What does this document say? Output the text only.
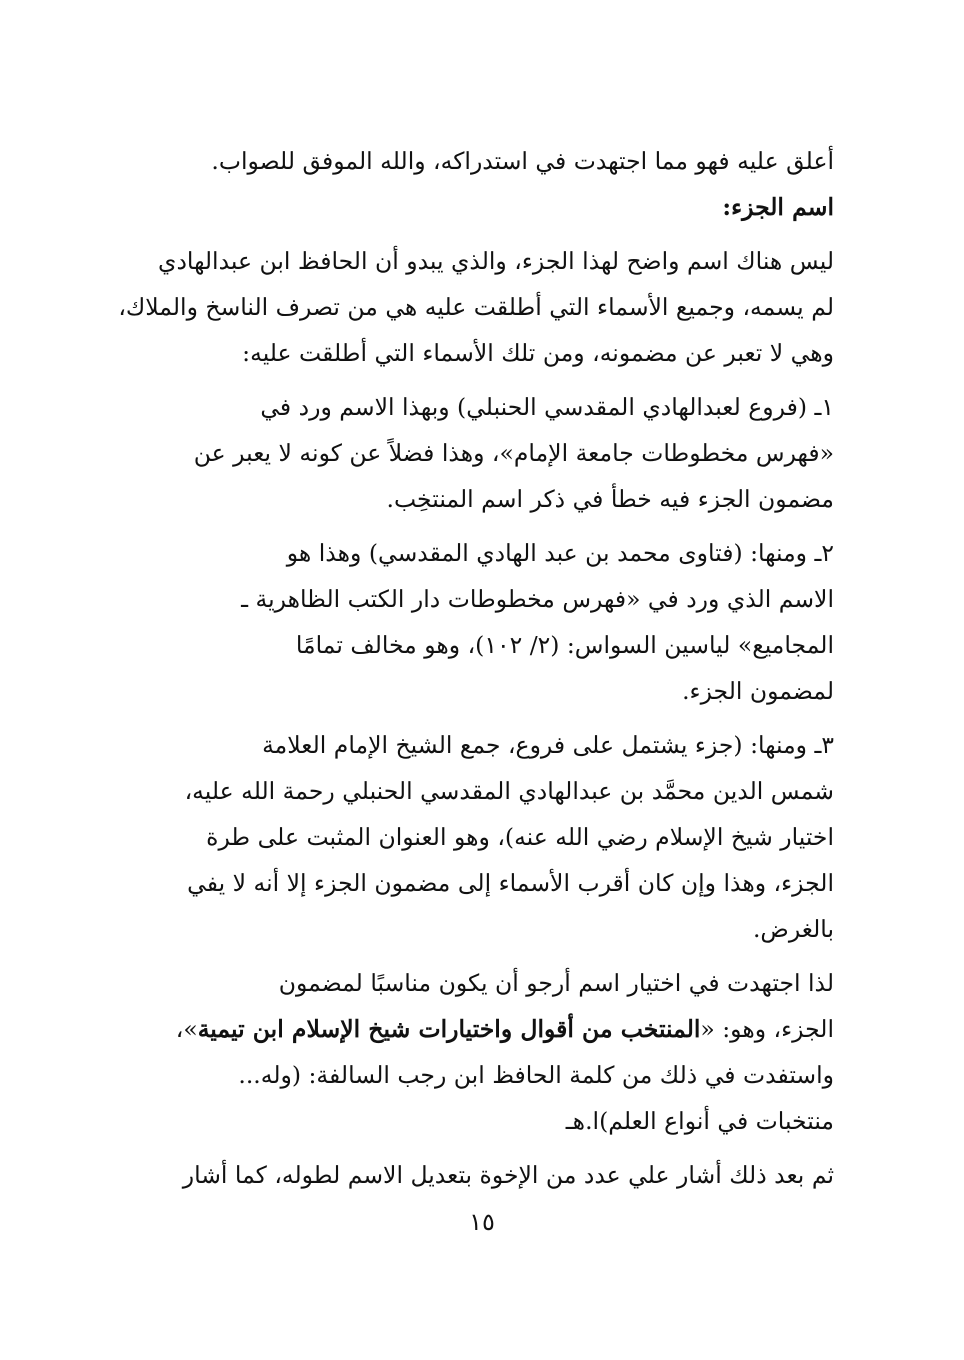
أعلق عليه فهو مما اجتهدت في استدراكه، والله الموفق للصواب.
اسم الجزء:
ليس هناك اسم واضح لهذا الجزء، والذي يبدو أن الحافظ ابن عبدالهادي
لم يسمه، وجميع الأسماء التي أطلقت عليه هي من تصرف الناسخ والملاك،
وهي لا تعبر عن مضمونه، ومن تلك الأسماء التي أطلقت عليه:
١ـ (فروع لعبدالهادي المقدسي الحنبلي) وبهذا الاسم ورد في
«فهرس مخطوطات جامعة الإمام»، وهذا فضلاً عن كونه لا يعبر عن
مضمون الجزء فيه خطأ في ذكر اسم المنتخِب.
٢ـ ومنها: (فتاوى محمد بن عبد الهادي المقدسي) وهذا هو
الاسم الذي ورد في «فهرس مخطوطات دار الكتب الظاهرية ـ
المجاميع» لياسين السواس: (٢/ ١٠٢)، وهو مخالف تمامًا
لمضمون الجزء.
٣ـ ومنها: (جزء يشتمل على فروع، جمع الشيخ الإمام العلامة
شمس الدين محمَّد بن عبدالهادي المقدسي الحنبلي رحمة الله عليه،
اختيار شيخ الإسلام رضي الله عنه)، وهو العنوان المثبت على طرة
الجزء، وهذا وإن كان أقرب الأسماء إلى مضمون الجزء إلا أنه لا يفي
بالغرض.
لذا اجتهدت في اختيار اسم أرجو أن يكون مناسبًا لمضمون
الجزء، وهو: «المنتخب من أقوال واختيارات شيخ الإسلام ابن تيمية»،
واستفدت في ذلك من كلمة الحافظ ابن رجب السالفة: (وله...
منتخبات في أنواع العلم)ا.هـ
ثم بعد ذلك أشار علي عدد من الإخوة بتعديل الاسم لطوله، كما أشار
١٥
